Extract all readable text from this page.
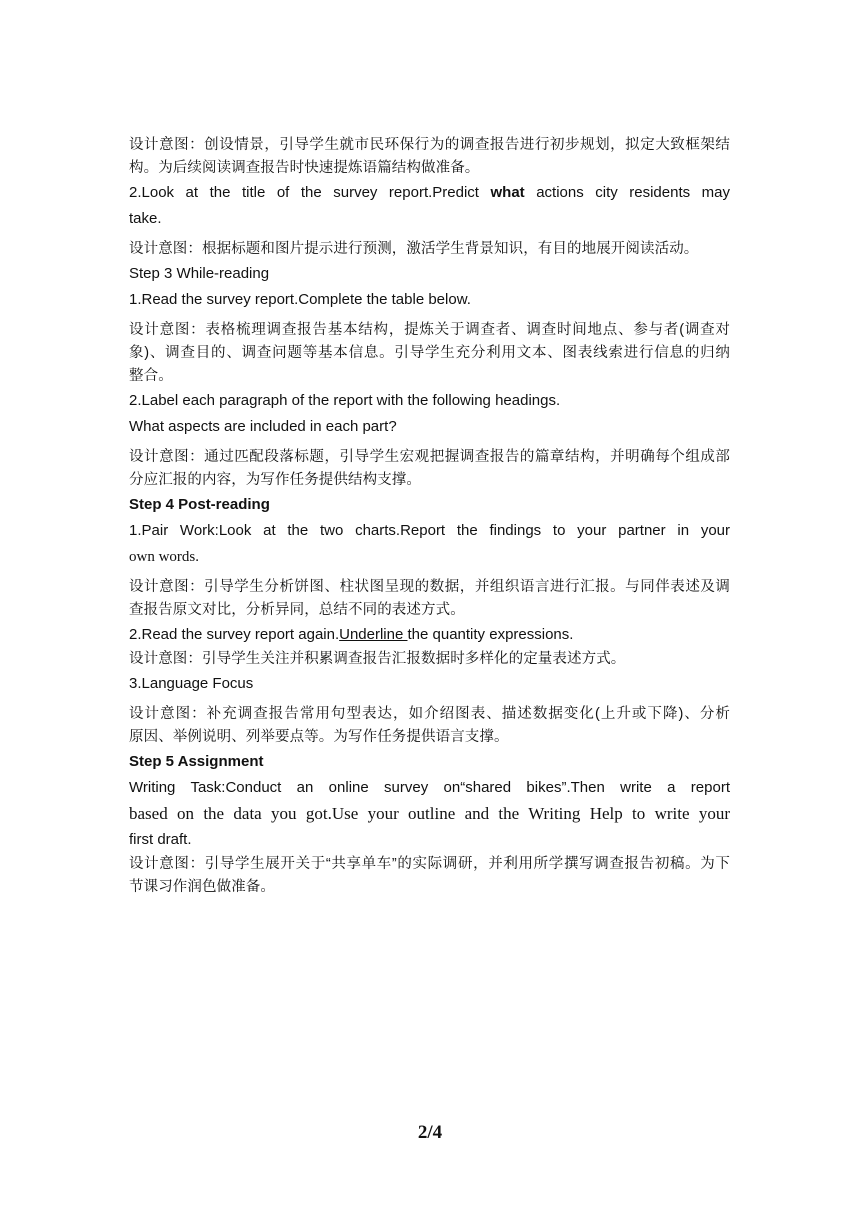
设计意图：创设情景，引导学生就市民环保行为的调查报告进行初步规划，拟定大致框架结
构。为后续阅读调查报告时快速提炼语篇结构做准备。
2.Look at the title of the survey report.Predict what actions city residents may
take.
设计意图：根据标题和图片提示进行预测，激活学生背景知识，有目的地展开阅读活动。
Step 3 While-reading
1.Read the survey report.Complete the table below.
设计意图：表格梳理调查报告基本结构，提炼关于调查者、调查时间地点、参与者(调查对
象)、调查目的、调查问题等基本信息。引导学生充分利用文本、图表线索进行信息的归纳
整合。
2.Label each paragraph of the report with the following headings.
What aspects are included in each part?
设计意图：通过匹配段落标题，引导学生宏观把握调查报告的篇章结构，并明确每个组成部
分应汇报的内容，为写作任务提供结构支撑。
Step 4 Post-reading
1.Pair Work:Look at the two charts.Report the findings to your partner in your
own words.
设计意图：引导学生分析饼图、柱状图呈现的数据，并组织语言进行汇报。与同伴表述及调
查报告原文对比，分析异同，总结不同的表述方式。
2.Read the survey report again.Underline the quantity expressions.
设计意图：引导学生关注并积累调查报告汇报数据时多样化的定量表述方式。
3.Language Focus
设计意图：补充调查报告常用句型表达，如介绍图表、描述数据变化(上升或下降)、分析
原因、举例说明、列举要点等。为写作任务提供语言支撑。
Step 5 Assignment
Writing Task:Conduct an online survey on“shared bikes”.Then write a report
based on the data you got.Use your outline and the Writing Help to write your
first draft.
设计意图：引导学生展开关于“共享单车”的实际调研，并利用所学撰写调查报告初稿。为下
节课习作润色做准备。
2/4
